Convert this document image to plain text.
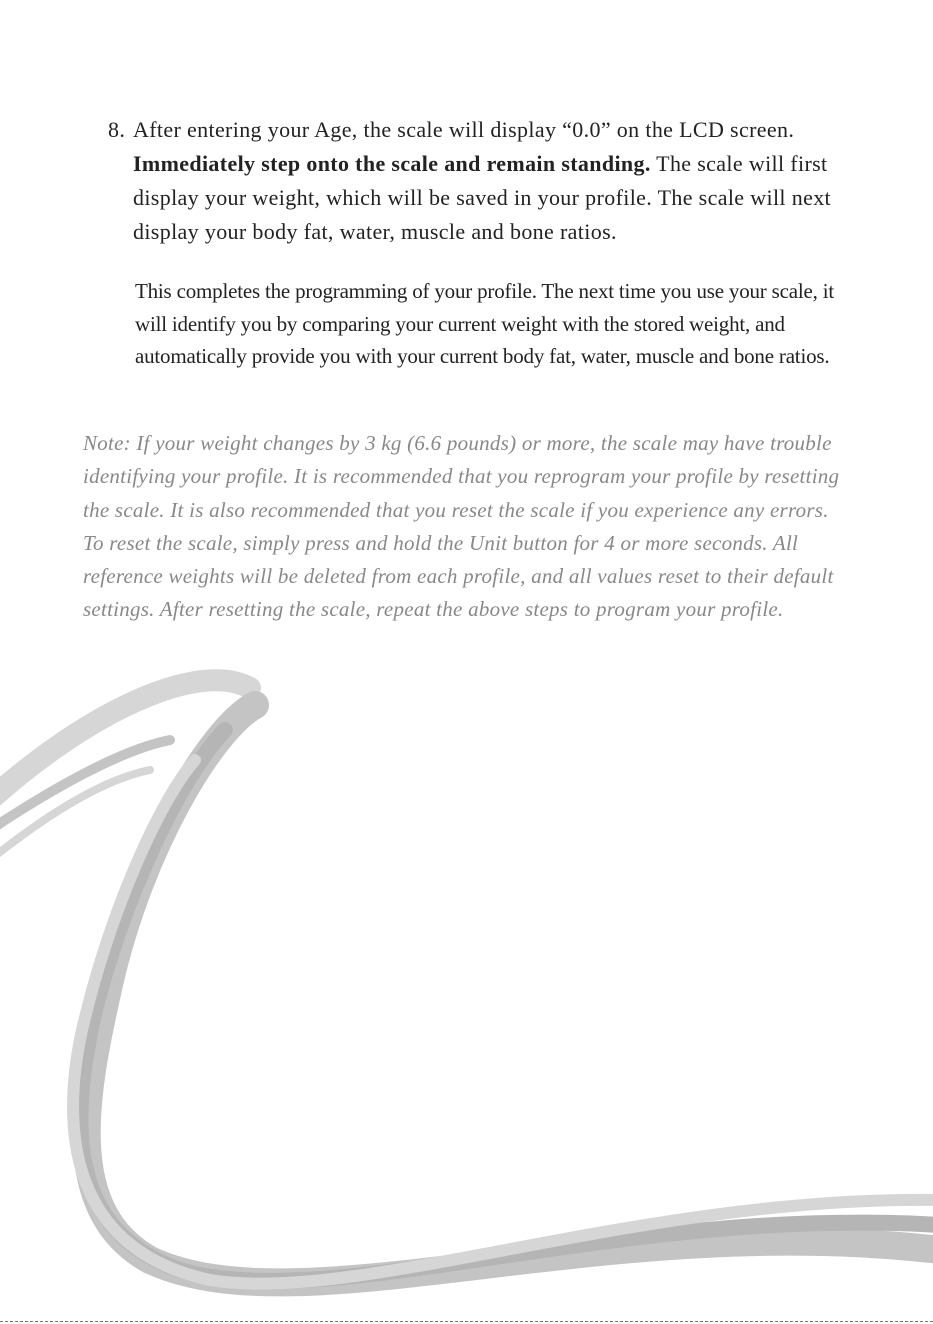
8. After entering your Age, the scale will display “0.0” on the LCD screen. Immediately step onto the scale and remain standing. The scale will first display your weight, which will be saved in your profile. The scale will next display your body fat, water, muscle and bone ratios.
This completes the programming of your profile. The next time you use your scale, it will identify you by comparing your current weight with the stored weight, and automatically provide you with your current body fat, water, muscle and bone ratios.
Note: If your weight changes by 3 kg (6.6 pounds) or more, the scale may have trouble identifying your profile. It is recommended that you reprogram your profile by resetting the scale. It is also recommended that you reset the scale if you experience any errors. To reset the scale, simply press and hold the Unit button for 4 or more seconds. All reference weights will be deleted from each profile, and all values reset to their default settings. After resetting the scale, repeat the above steps to program your profile.
